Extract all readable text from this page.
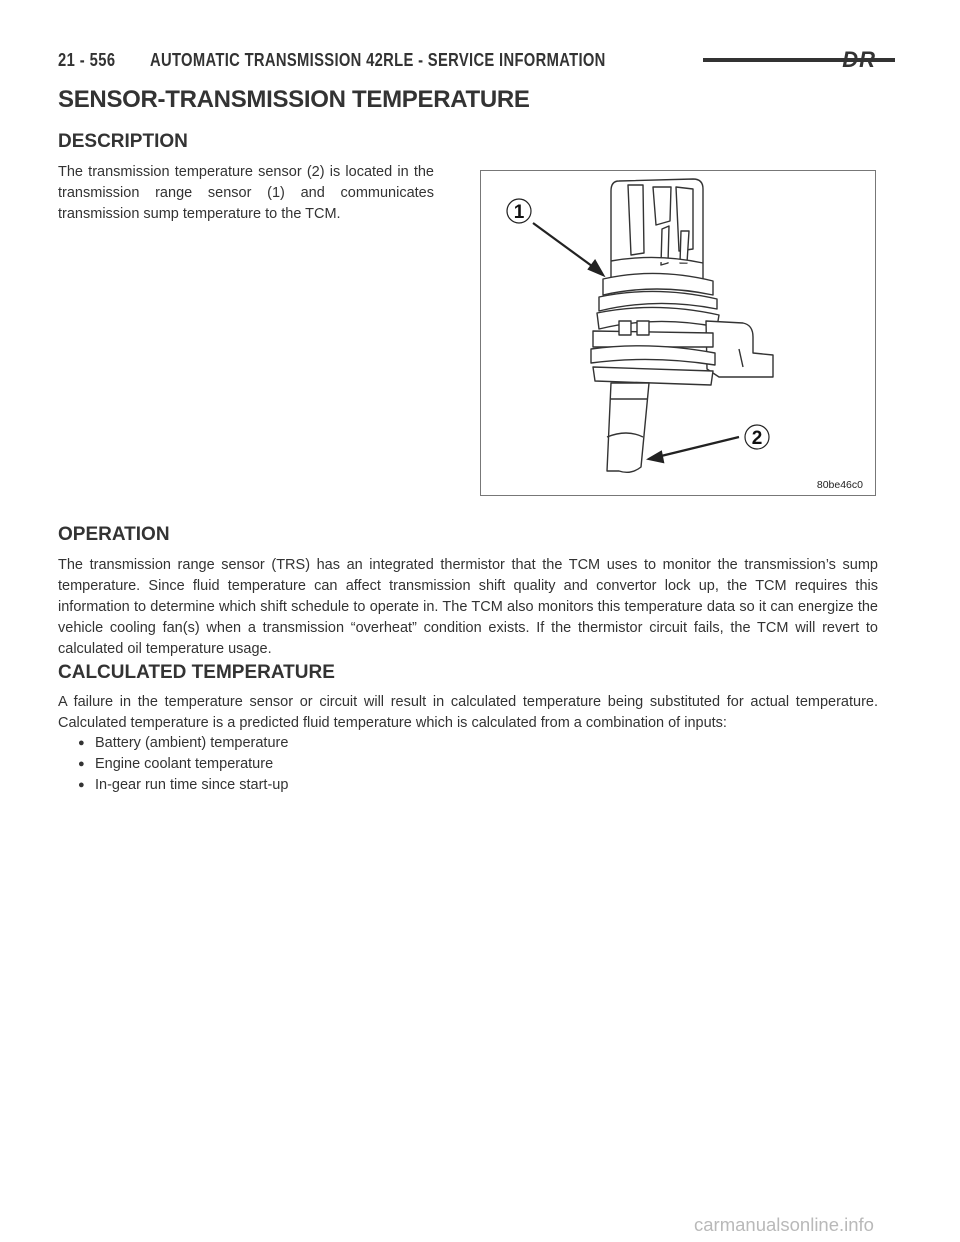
21 - 556	AUTOMATIC TRANSMISSION 42RLE - SERVICE INFORMATION	DR
SENSOR-TRANSMISSION TEMPERATURE
DESCRIPTION

The transmission temperature sensor (2) is located in the transmission range sensor (1) and communicates transmission sump temperature to the TCM.	1
2
80be46c0
OPERATION

The transmission range sensor (TRS) has an integrated thermistor that the TCM uses to monitor the transmission’s sump temperature. Since fluid temperature can affect transmission shift quality and convertor lock up, the TCM requires this information to determine which shift schedule to operate in. The TCM also monitors this temperature data so it can energize the vehicle cooling fan(s) when a transmission “overheat” condition exists. If the thermistor circuit fails, the TCM will revert to calculated oil temperature usage.

CALCULATED TEMPERATURE

A failure in the temperature sensor or circuit will result in calculated temperature being substituted for actual temperature. Calculated temperature is a predicted fluid temperature which is calculated from a combination of inputs:

● Battery (ambient) temperature
● Engine coolant temperature
● In-gear run time since start-up
carmanualsonline.info
